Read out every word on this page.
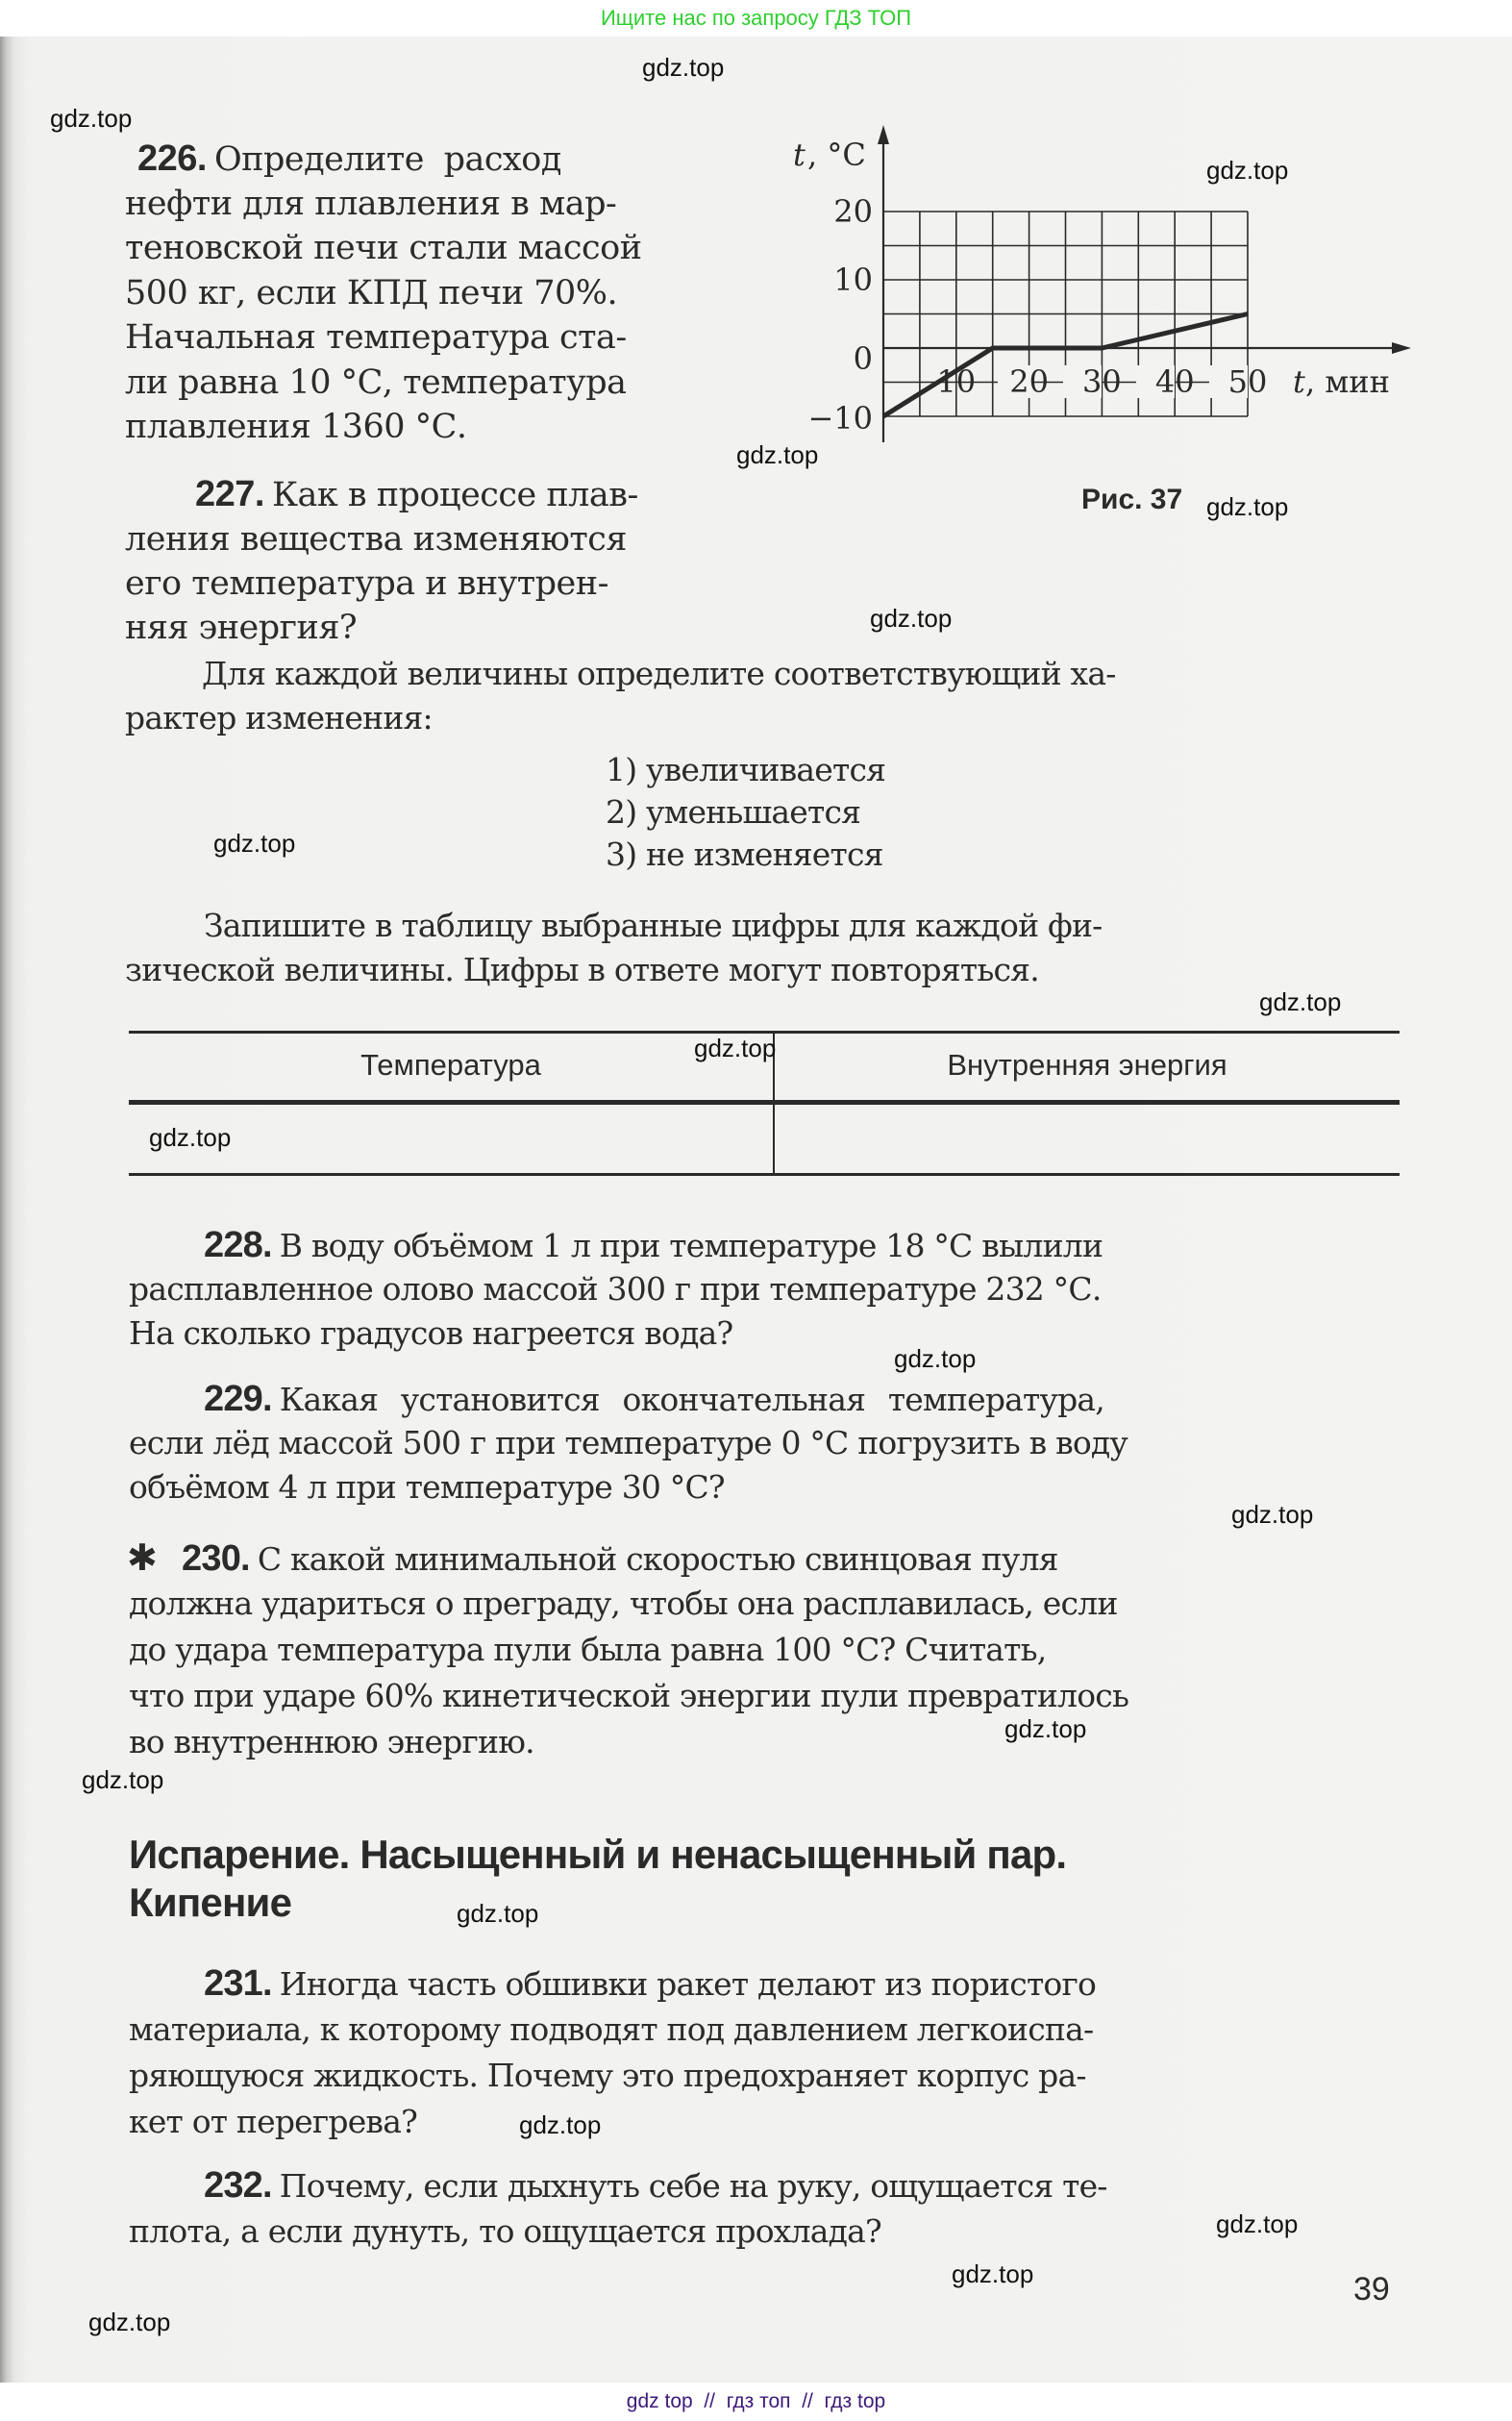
Ищите нас по запросу ГДЗ ТОП
226. Определите расход
нефти для плавления в мар-
теновской печи стали массой
500 кг, если КПД печи 70%.
Начальная температура ста-
ли равна 10 °С, температура
плавления 1360 °С.
20
10
0
−10
10 20 30 40 50
t , °C
t , мин
Рис. 37
227. Как в процессе плав-
ления вещества изменяются
его температура и внутрен-
няя энергия?
Для каждой величины определите соответствующий ха-
рактер изменения:
1) увеличивается
2) уменьшается
3) не изменяется
Запишите в таблицу выбранные цифры для каждой фи-
зической величины. Цифры в ответе могут повторяться.
Температура	Внутренняя энергия
228. В воду объёмом 1 л при температуре 18 °С вылили
расплавленное олово массой 300 г при температуре 232 °С.
На сколько градусов нагреется вода?
229. Какая установится окончательная температура,
если лёд массой 500 г при температуре 0 °С погрузить в воду
объёмом 4 л при температуре 30 °С?
✱ 230. С какой минимальной скоростью свинцовая пуля
должна удариться о преграду, чтобы она расплавилась, если
до удара температура пули была равна 100 °С? Считать,
что при ударе 60% кинетической энергии пули превратилось
во внутреннюю энергию.
Испарение. Насыщенный и ненасыщенный пар.
Кипение
231. Иногда часть обшивки ракет делают из пористого
материала, к которому подводят под давлением легкоиспа-
ряющуюся жидкость. Почему это предохраняет корпус ра-
кет от перегрева?
232. Почему, если дыхнуть себе на руку, ощущается те-
плота, а если дунуть, то ощущается прохлада?
39
gdz.top
gdz.top
gdz.top
gdz.top
gdz.top
gdz.top
gdz.top
gdz.top
gdz.top
gdz.top
gdz.top
gdz.top
gdz.top
gdz.top
gdz.top
gdz.top
gdz.top
gdz.top
gdz.top
gdz top  //  гдз топ  //  гдз top
